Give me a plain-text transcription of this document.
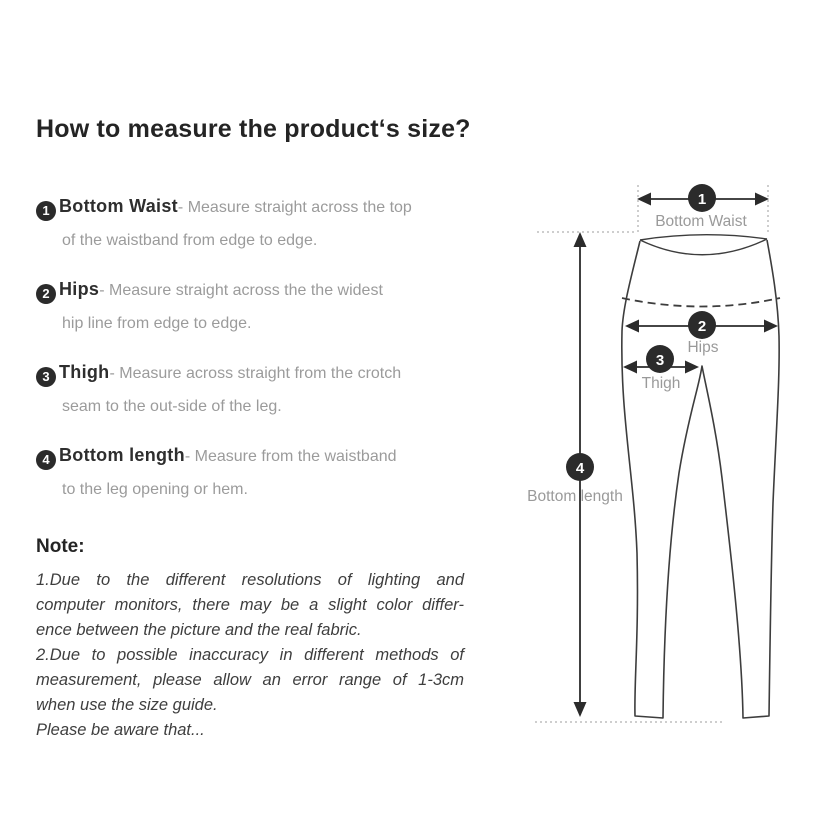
How to measure the product‘s size?
1 Bottom Waist- Measure straight across the top
of the waistband from edge to edge.
2 Hips- Measure straight across the the widest
hip line from edge to edge.
3 Thigh- Measure across straight from the crotch
seam to the out-side of the leg.
4 Bottom length- Measure from the waistband
to the leg opening or hem.
Note:
1.Due to the different resolutions of lighting and
computer monitors, there may be a slight color differ-
ence between the picture and the real fabric.
2.Due to possible inaccuracy in different methods of
measurement, please allow an error range of 1-3cm
when use the size guide.
Please be aware that...
1
Bottom Waist
2
Hips
3
Thigh
4
Bottom length
